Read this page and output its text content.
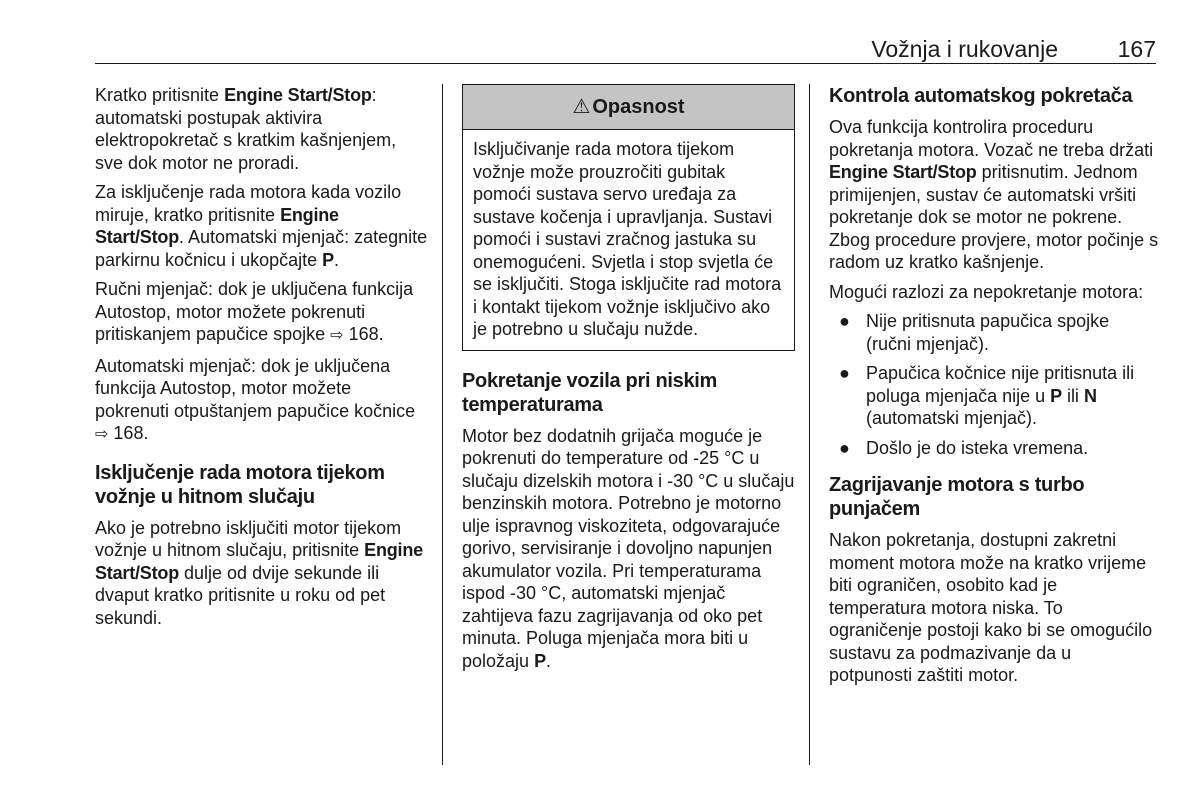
Vožnja i rukovanje	167

Kratko pritisnite Engine Start/Stop: automatski postupak aktivira elektropokretač s kratkim kašnjenjem, sve dok motor ne proradi.

Za isključenje rada motora kada vozilo miruje, kratko pritisnite Engine Start/Stop. Automatski mjenjač: zategnite parkirnu kočnicu i ukopčajte P.

Ručni mjenjač: dok je uključena funkcija Autostop, motor možete pokrenuti pritiskanjem papučice spojke ⇨ 168.

Automatski mjenjač: dok je uključena funkcija Autostop, motor možete pokrenuti otpuštanjem papučice kočnice ⇨ 168.

Isključenje rada motora tijekom vožnje u hitnom slučaju

Ako je potrebno isključiti motor tijekom vožnje u hitnom slučaju, pritisnite Engine Start/Stop dulje od dvije sekunde ili dvaput kratko pritisnite u roku od pet sekundi.

⚠ Opasnost
Isključivanje rada motora tijekom vožnje može prouzročiti gubitak pomoći sustava servo uređaja za sustave kočenja i upravljanja. Sustavi pomoći i sustavi zračnog jastuka su onemogućeni. Svjetla i stop svjetla će se isključiti. Stoga isključite rad motora i kontakt tijekom vožnje isključivo ako je potrebno u slučaju nužde.
Pokretanje vozila pri niskim temperaturama

Motor bez dodatnih grijača moguće je pokrenuti do temperature od -25 °C u slučaju dizelskih motora i -30 °C u slučaju benzinskih motora. Potrebno je motorno ulje ispravnog viskoziteta, odgovarajuće gorivo, servisiranje i dovoljno napunjen akumulator vozila. Pri temperaturama ispod -30 °C, automatski mjenjač zahtijeva fazu zagrijavanja od oko pet minuta. Poluga mjenjača mora biti u položaju P.

Kontrola automatskog pokretača

Ova funkcija kontrolira proceduru pokretanja motora. Vozač ne treba držati Engine Start/Stop pritisnutim. Jednom primijenjen, sustav će automatski vršiti pokretanje dok se motor ne pokrene. Zbog procedure provjere, motor počinje s radom uz kratko kašnjenje.

Mogući razlozi za nepokretanje motora:

● Nije pritisnuta papučica spojke (ručni mjenjač).
● Papučica kočnice nije pritisnuta ili poluga mjenjača nije u P ili N (automatski mjenjač).
● Došlo je do isteka vremena.
Zagrijavanje motora s turbo punjačem

Nakon pokretanja, dostupni zakretni moment motora može na kratko vrijeme biti ograničen, osobito kad je temperatura motora niska. To ograničenje postoji kako bi se omogućilo sustavu za podmazivanje da u potpunosti zaštiti motor.
